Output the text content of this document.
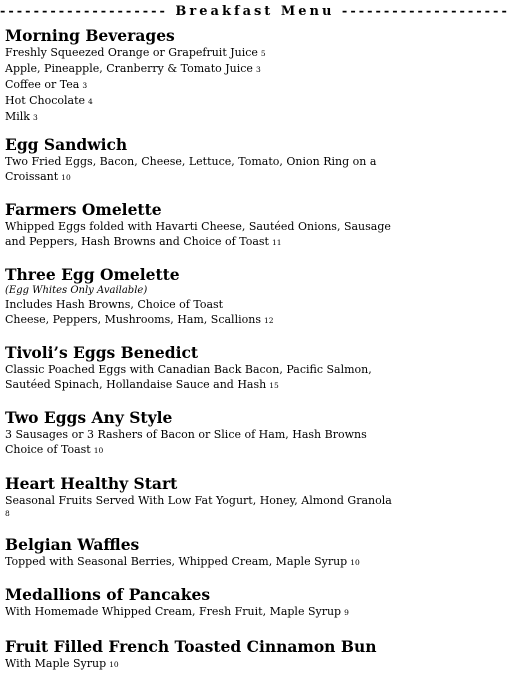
-------------------- Breakfast Menu --------------------
Morning Beverages
Freshly Squeezed Orange or Grapefruit Juice 5
Apple, Pineapple, Cranberry & Tomato Juice 3
Coffee or Tea 3
Hot Chocolate 4
Milk 3
Egg Sandwich
Two Fried Eggs, Bacon, Cheese, Lettuce, Tomato, Onion Ring on a
Croissant 10
Farmers Omelette
Whipped Eggs folded with Havarti Cheese, Sautéed Onions, Sausage
and Peppers, Hash Browns and Choice of Toast 11
Three Egg Omelette
(Egg Whites Only Available)
Includes Hash Browns, Choice of Toast
Cheese, Peppers, Mushrooms, Ham, Scallions 12
Tivoli’s Eggs Benedict
Classic Poached Eggs with Canadian Back Bacon, Pacific Salmon,
Sautéed Spinach, Hollandaise Sauce and Hash 15
Two Eggs Any Style
3 Sausages or 3 Rashers of Bacon or Slice of Ham, Hash Browns
Choice of Toast 10
Heart Healthy Start
Seasonal Fruits Served With Low Fat Yogurt, Honey, Almond Granola
8
Belgian Waffles
Topped with Seasonal Berries, Whipped Cream, Maple Syrup 10
Medallions of Pancakes
With Homemade Whipped Cream, Fresh Fruit, Maple Syrup 9
Fruit Filled French Toasted Cinnamon Bun
With Maple Syrup 10
